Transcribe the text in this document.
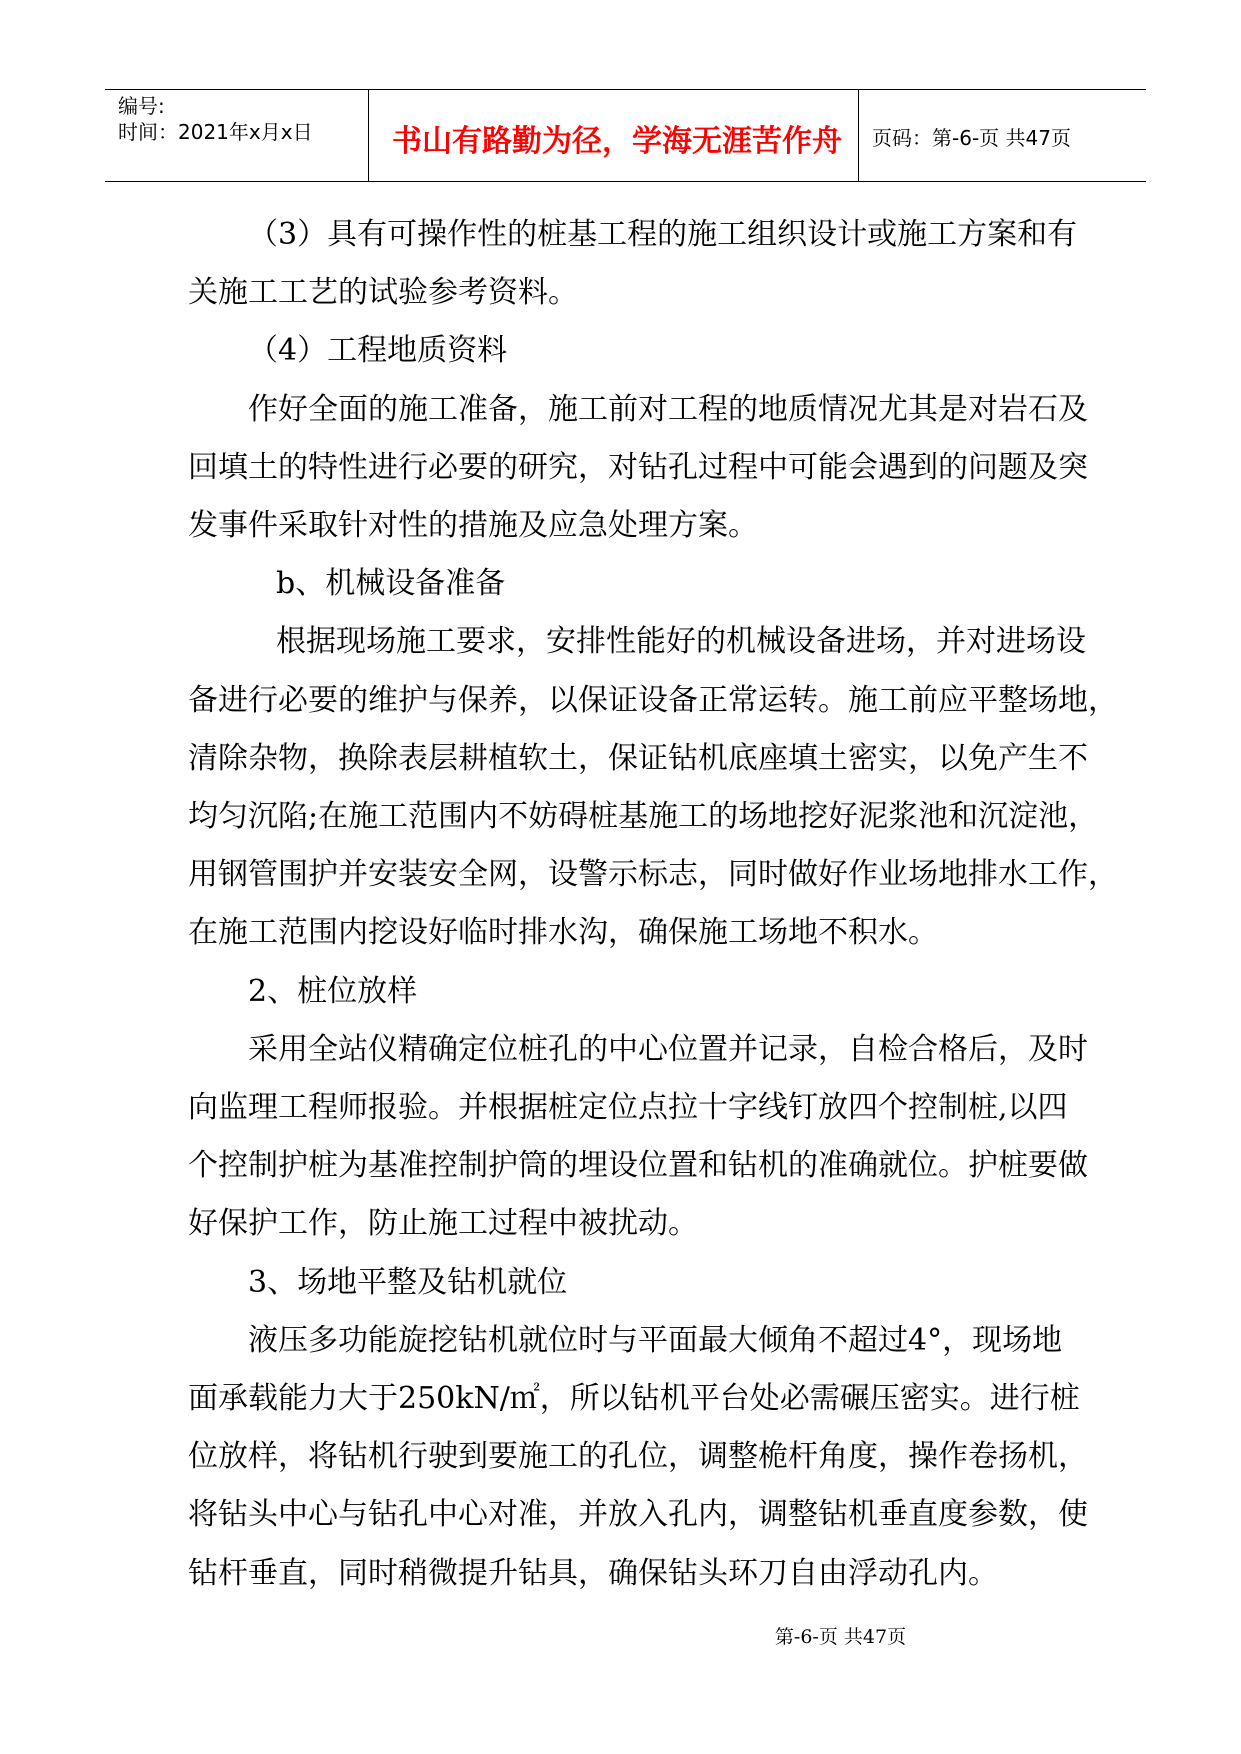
编号:
时间：2021年x月x日	书山有路勤为径，学海无涯苦作舟	页码：第-6-页 共47页

（3）具有可操作性的桩基工程的施工组织设计或施工方案和有

关施工工艺的试验参考资料。

（4）工程地质资料

作好全面的施工准备，施工前对工程的地质情况尤其是对岩石及

回填土的特性进行必要的研究，对钻孔过程中可能会遇到的问题及突

发事件采取针对性的措施及应急处理方案。

b、机械设备准备

根据现场施工要求，安排性能好的机械设备进场，并对进场设

备进行必要的维护与保养，以保证设备正常运转。施工前应平整场地，

清除杂物，换除表层耕植软土，保证钻机底座填土密实，以免产生不

均匀沉陷;在施工范围内不妨碍桩基施工的场地挖好泥浆池和沉淀池，

用钢管围护并安装安全网，设警示标志，同时做好作业场地排水工作，

在施工范围内挖设好临时排水沟，确保施工场地不积水。

2、桩位放样

采用全站仪精确定位桩孔的中心位置并记录，自检合格后，及时

向监理工程师报验。并根据桩定位点拉十字线钉放四个控制桩,以四

个控制护桩为基准控制护筒的埋设位置和钻机的准确就位。护桩要做

好保护工作，防止施工过程中被扰动。

3、场地平整及钻机就位

液压多功能旋挖钻机就位时与平面最大倾角不超过4°，现场地

面承载能力大于250kN/㎡，所以钻机平台处必需碾压密实。进行桩

位放样，将钻机行驶到要施工的孔位，调整桅杆角度，操作卷扬机，

将钻头中心与钻孔中心对准，并放入孔内，调整钻机垂直度参数，使

钻杆垂直，同时稍微提升钻具，确保钻头环刀自由浮动孔内。

第-6-页 共47页
